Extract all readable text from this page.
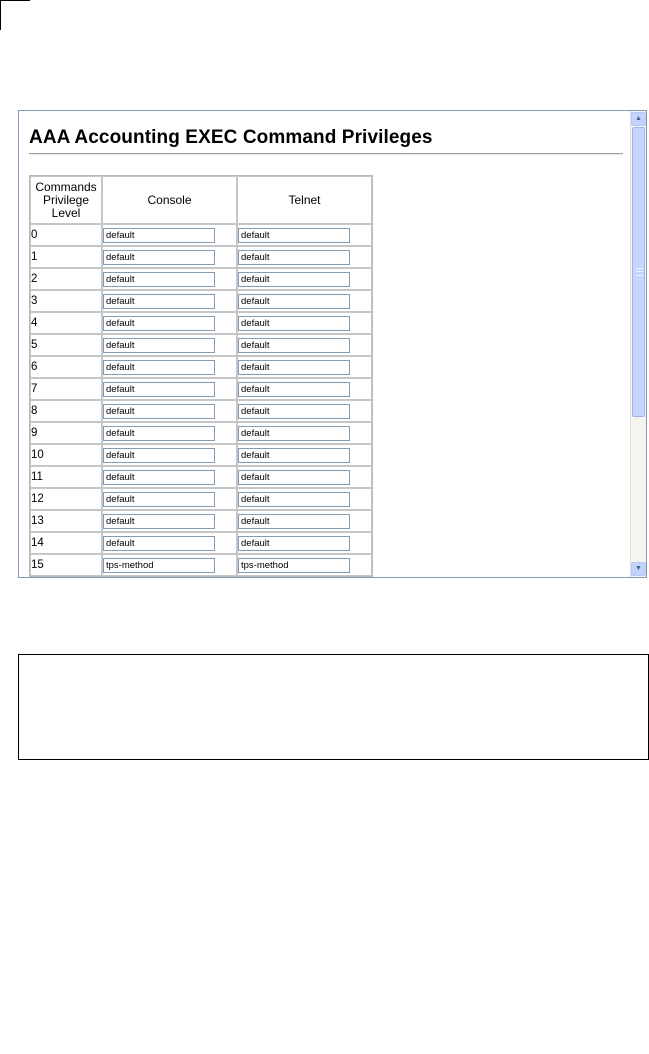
AAA Accounting EXEC Command Privileges
Commands
Privilege
Level	Console	Telnet
0	default	default
1	default	default
2	default	default
3	default	default
4	default	default
5	default	default
6	default	default
7	default	default
8	default	default
9	default	default
10	default	default
11	default	default
12	default	default
13	default	default
14	default	default
15	tps-method	tps-method
▲
▼
